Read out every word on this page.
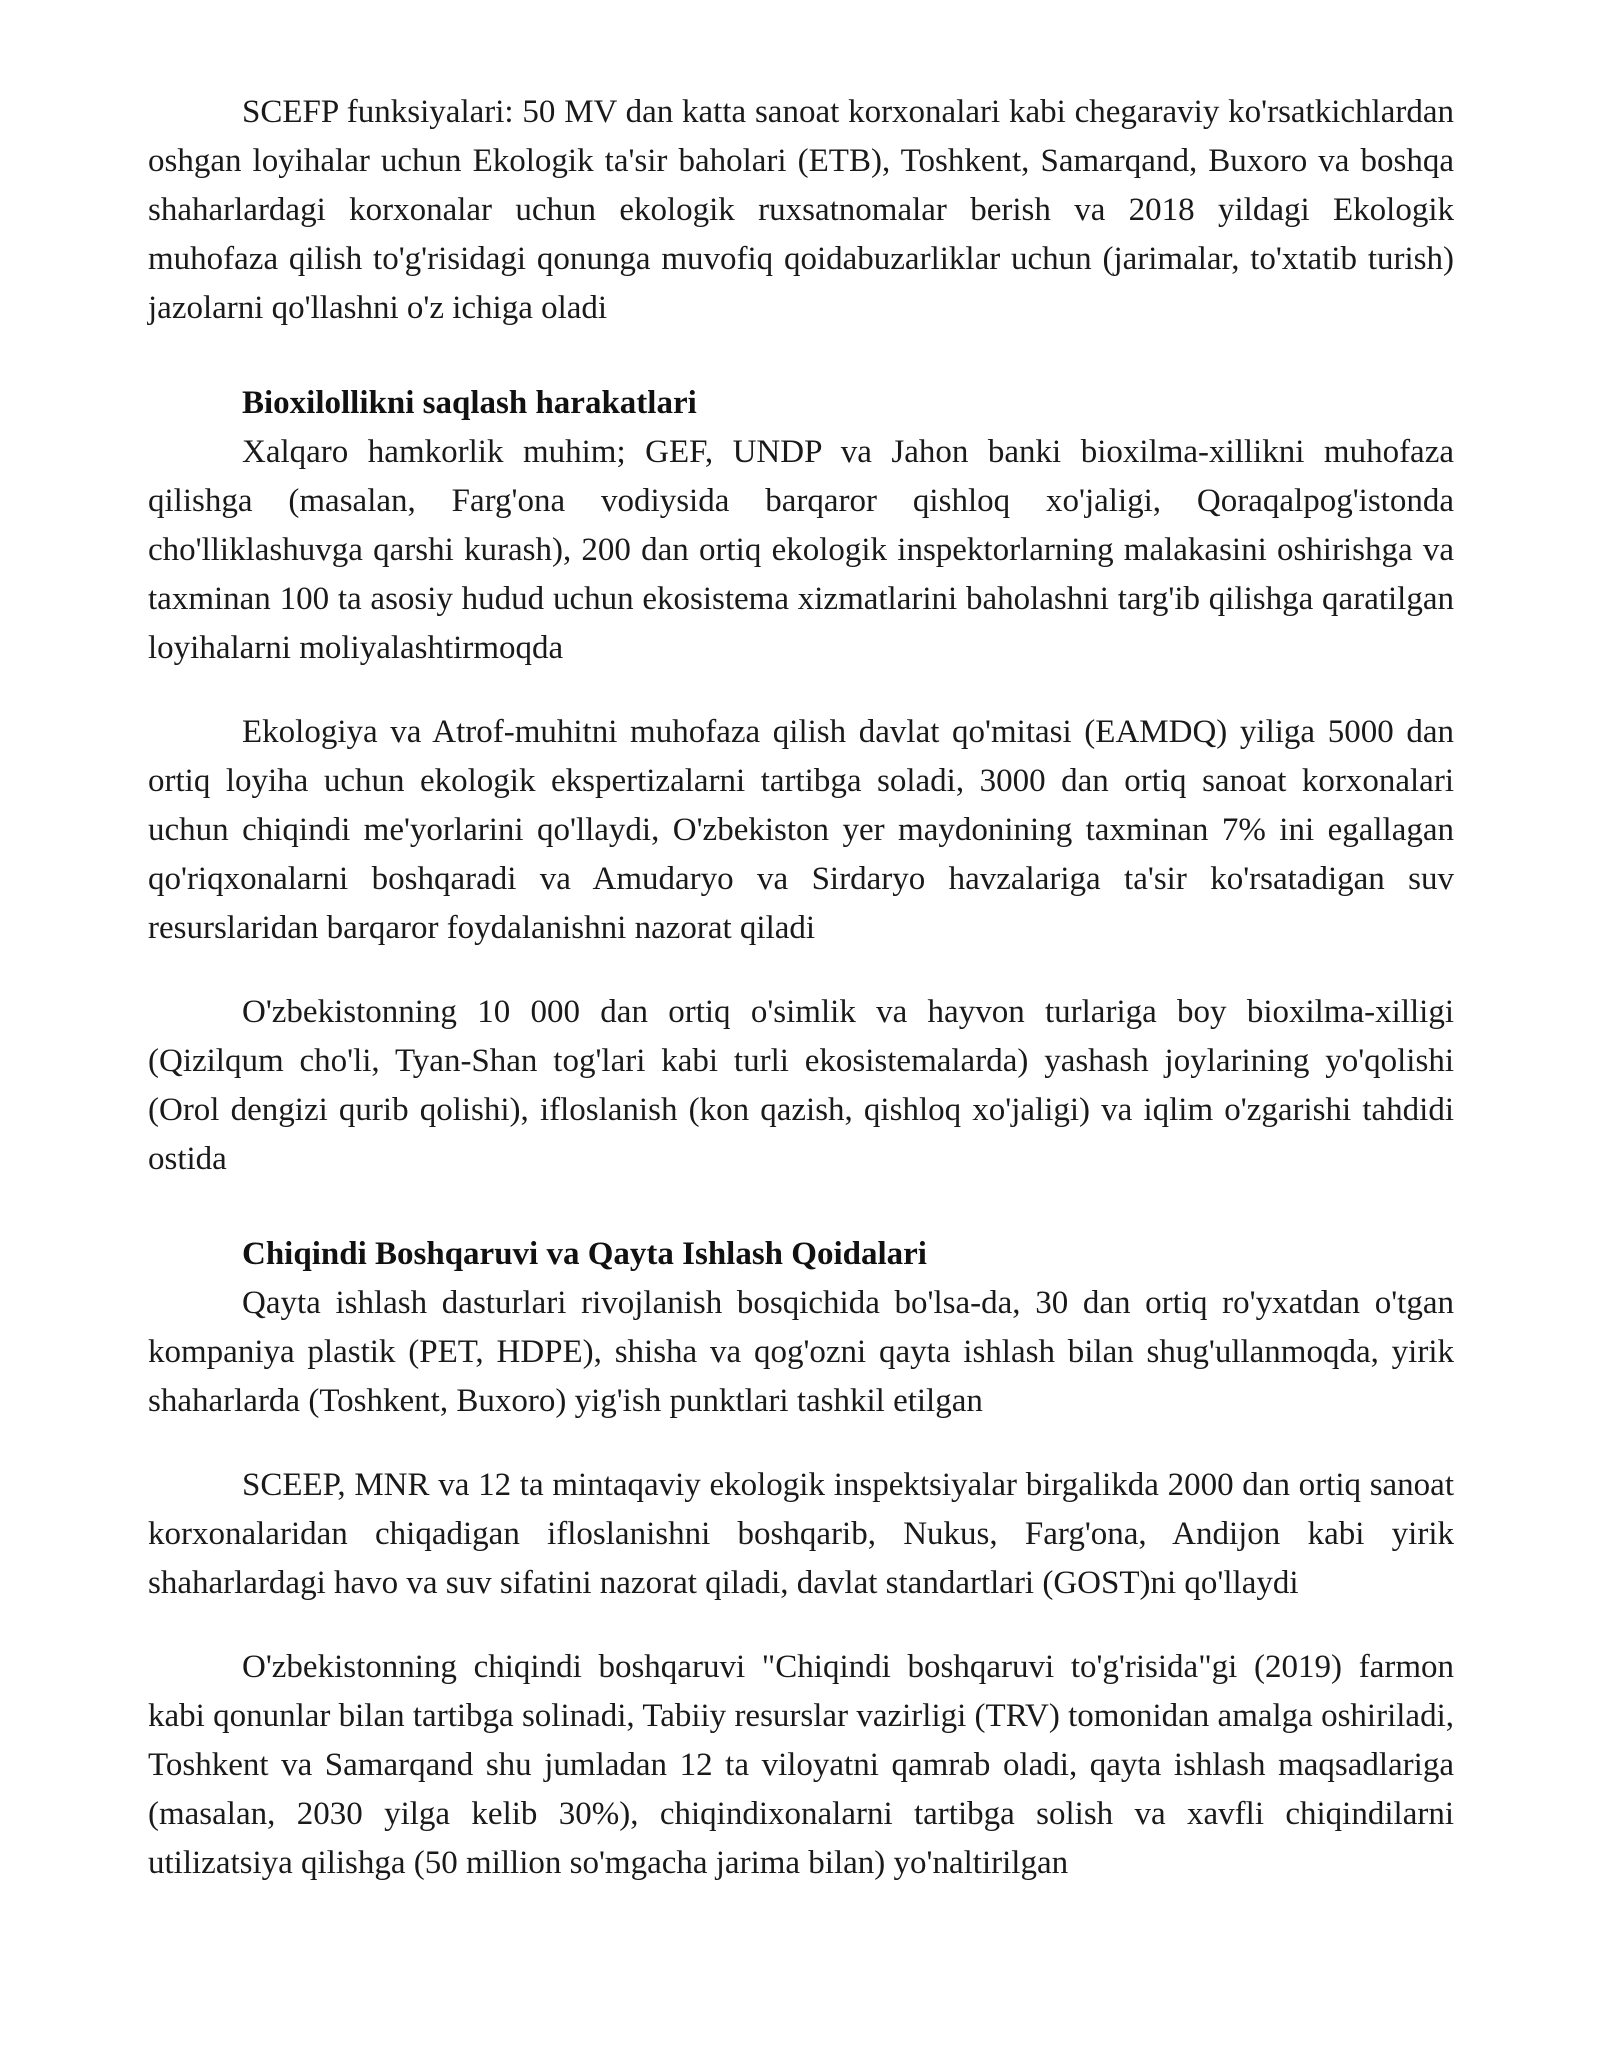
SCEFP funksiyalari: 50 MV dan katta sanoat korxonalari kabi chegaraviy ko'rsatkichlardan oshgan loyihalar uchun Ekologik ta'sir baholari (ETB), Toshkent, Samarqand, Buxoro va boshqa shaharlardagi korxonalar uchun ekologik ruxsatnomalar berish va 2018 yildagi Ekologik muhofaza qilish to'g'risidagi qonunga muvofiq qoidabuzarliklar uchun (jarimalar, to'xtatib turish) jazolarni qo'llashni o'z ichiga oladi

Bioxilollikni saqlash harakatlari

Xalqaro hamkorlik muhim; GEF, UNDP va Jahon banki bioxilma-xillikni muhofaza qilishga (masalan, Farg'ona vodiysida barqaror qishloq xo'jaligi, Qoraqalpog'istonda cho'lliklashuvga qarshi kurash), 200 dan ortiq ekologik inspektorlarning malakasini oshirishga va taxminan 100 ta asosiy hudud uchun ekosistema xizmatlarini baholashni targ'ib qilishga qaratilgan loyihalarni moliyalashtirmoqda

Ekologiya va Atrof-muhitni muhofaza qilish davlat qo'mitasi (EAMDQ) yiliga 5000 dan ortiq loyiha uchun ekologik ekspertizalarni tartibga soladi, 3000 dan ortiq sanoat korxonalari uchun chiqindi me'yorlarini qo'llaydi, O'zbekiston yer maydonining taxminan 7% ini egallagan qo'riqxonalarni boshqaradi va Amudaryo va Sirdaryo havzalariga ta'sir ko'rsatadigan suv resurslaridan barqaror foydalanishni nazorat qiladi

O'zbekistonning 10 000 dan ortiq o'simlik va hayvon turlariga boy bioxilma-xilligi (Qizilqum cho'li, Tyan-Shan tog'lari kabi turli ekosistemalarda) yashash joylarining yo'qolishi (Orol dengizi qurib qolishi), ifloslanish (kon qazish, qishloq xo'jaligi) va iqlim o'zgarishi tahdidi ostida

Chiqindi Boshqaruvi va Qayta Ishlash Qoidalari

Qayta ishlash dasturlari rivojlanish bosqichida bo'lsa-da, 30 dan ortiq ro'yxatdan o'tgan kompaniya plastik (PET, HDPE), shisha va qog'ozni qayta ishlash bilan shug'ullanmoqda, yirik shaharlarda (Toshkent, Buxoro) yig'ish punktlari tashkil etilgan

SCEEP, MNR va 12 ta mintaqaviy ekologik inspektsiyalar birgalikda 2000 dan ortiq sanoat korxonalaridan chiqadigan ifloslanishni boshqarib, Nukus, Farg'ona, Andijon kabi yirik shaharlardagi havo va suv sifatini nazorat qiladi, davlat standartlari (GOST)ni qo'llaydi

O'zbekistonning chiqindi boshqaruvi "Chiqindi boshqaruvi to'g'risida"gi (2019) farmon kabi qonunlar bilan tartibga solinadi, Tabiiy resurslar vazirligi (TRV) tomonidan amalga oshiriladi, Toshkent va Samarqand shu jumladan 12 ta viloyatni qamrab oladi, qayta ishlash maqsadlariga (masalan, 2030 yilga kelib 30%), chiqindixonalarni tartibga solish va xavfli chiqindilarni utilizatsiya qilishga (50 million so'mgacha jarima bilan) yo'naltirilgan
